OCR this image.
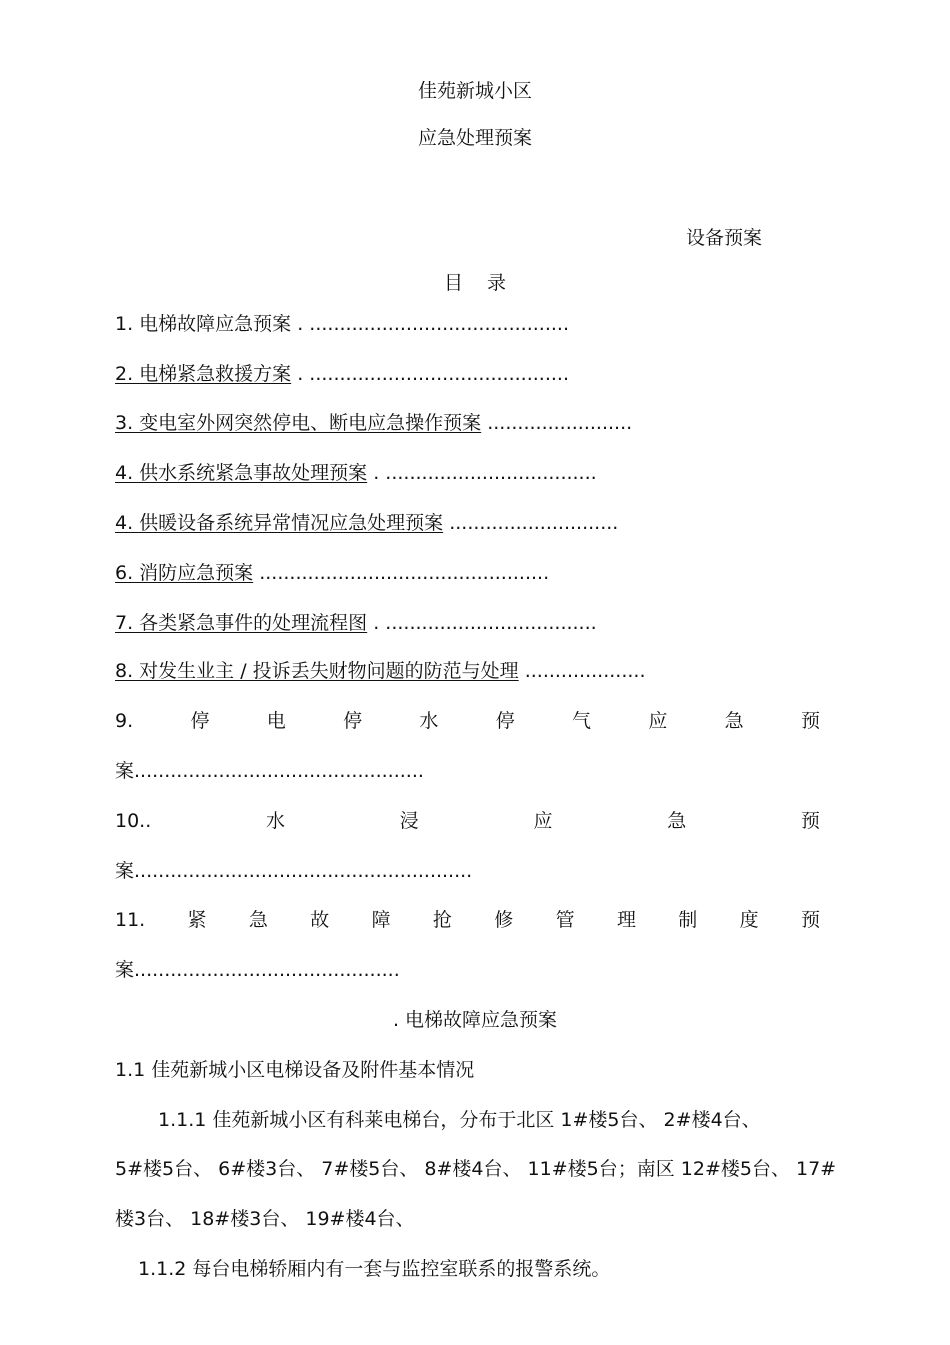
佳苑新城小区
应急处理预案
设备预案
目 录
1. 电梯故障应急预案 . ...........................................
2. 电梯紧急救援方案 . ...........................................
3. 变电室外网突然停电、断电应急操作预案 ........................
4. 供水系统紧急事故处理预案 . ...................................
4. 供暖设备系统异常情况应急处理预案 ............................
6. 消防应急预案 ................................................
7. 各类紧急事件的处理流程图 . ...................................
8. 对发生业主 / 投诉丢失财物问题的防范与处理 ....................
9.	停	电	停	水	停	气	应	急	预
案................................................
10..	水	浸	应	急	预
案........................................................
11. 紧 急 故 障 抢 修 管 理 制 度 预
案............................................
. 电梯故障应急预案
1.1 佳苑新城小区电梯设备及附件基本情况
1.1.1 佳苑新城小区有科莱电梯台，分布于北区 1#楼5台、 2#楼4台、
5#楼5台、 6#楼3台、 7#楼5台、 8#楼4台、 11#楼5台；南区 12#楼5台、 17#
楼3台、 18#楼3台、 19#楼4台、
1.1.2 每台电梯轿厢内有一套与监控室联系的报警系统。
